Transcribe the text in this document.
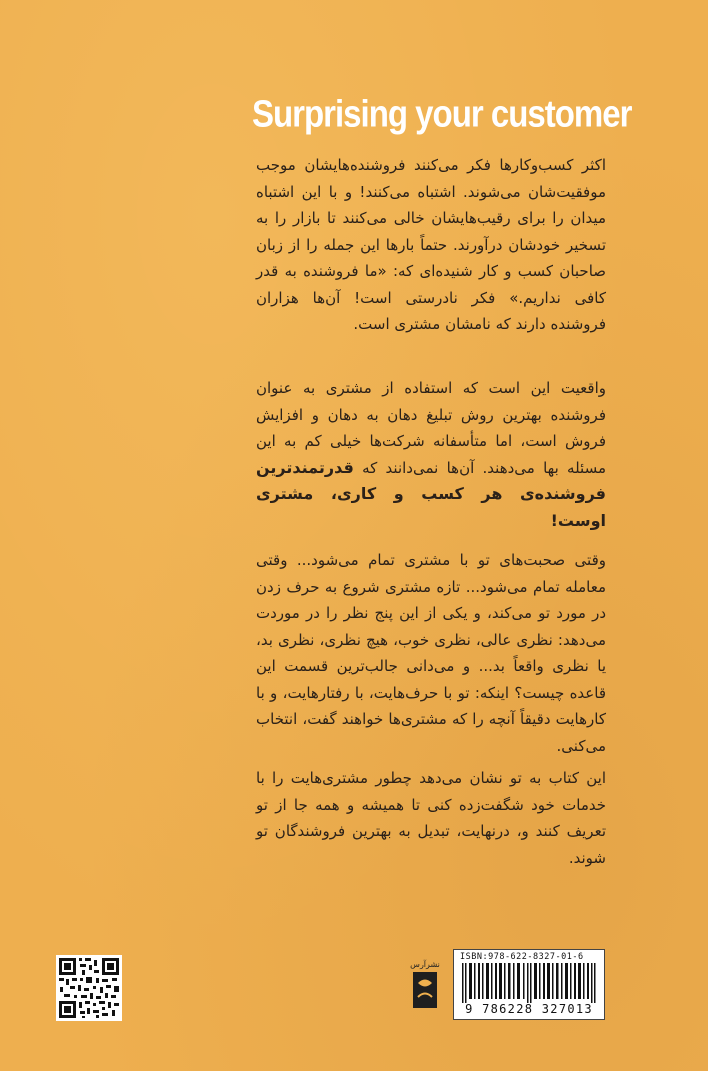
Surprising your customer
اکثر کسب‌وکارها فکر می‌کنند فروشنده‌هایشان موجب موفقیت‌شان می‌شوند. اشتباه می‌کنند! و با این اشتباه میدان را برای رقیب‌هایشان خالی می‌کنند تا بازار را به تسخیر خودشان درآورند. حتماً بارها این جمله را از زبان صاحبان کسب و کار شنیده‌ای که: «ما فروشنده به قدر کافی نداریم.» فکر نادرستی است! آن‌ها هزاران فروشنده دارند که نامشان مشتری است.
واقعیت این است که استفاده از مشتری به عنوان فروشنده بهترین روش تبلیغ دهان به دهان و افزایش فروش است، اما متأسفانه شرکت‌ها خیلی کم به این مسئله بها می‌دهند. آن‌ها نمی‌دانند که قدرتمندترین فروشنده‌ی هر کسب و کاری، مشتری اوست!
وقتی صحبت‌های تو با مشتری تمام می‌شود... وقتی معامله تمام می‌شود... تازه مشتری شروع به حرف زدن در مورد تو می‌کند، و یکی از این پنج نظر را در موردت می‌دهد: نظری عالی، نظری خوب، هیچ نظری، نظری بد، یا نظری واقعاً بد... و می‌دانی جالب‌ترین قسمت این قاعده چیست؟ اینکه: تو با حرف‌هایت، با رفتارهایت، و با کارهایت دقیقاً آنچه را که مشتری‌ها خواهند گفت، انتخاب می‌کنی.
این کتاب به تو نشان می‌دهد چطور مشتری‌هایت را با خدمات خود شگفت‌زده کنی تا همیشه و همه جا از تو تعریف کنند و، درنهایت، تبدیل به بهترین فروشندگان تو شوند.
نشرآرس
ISBN:978-622-8327-01-6
9 786228 327013
